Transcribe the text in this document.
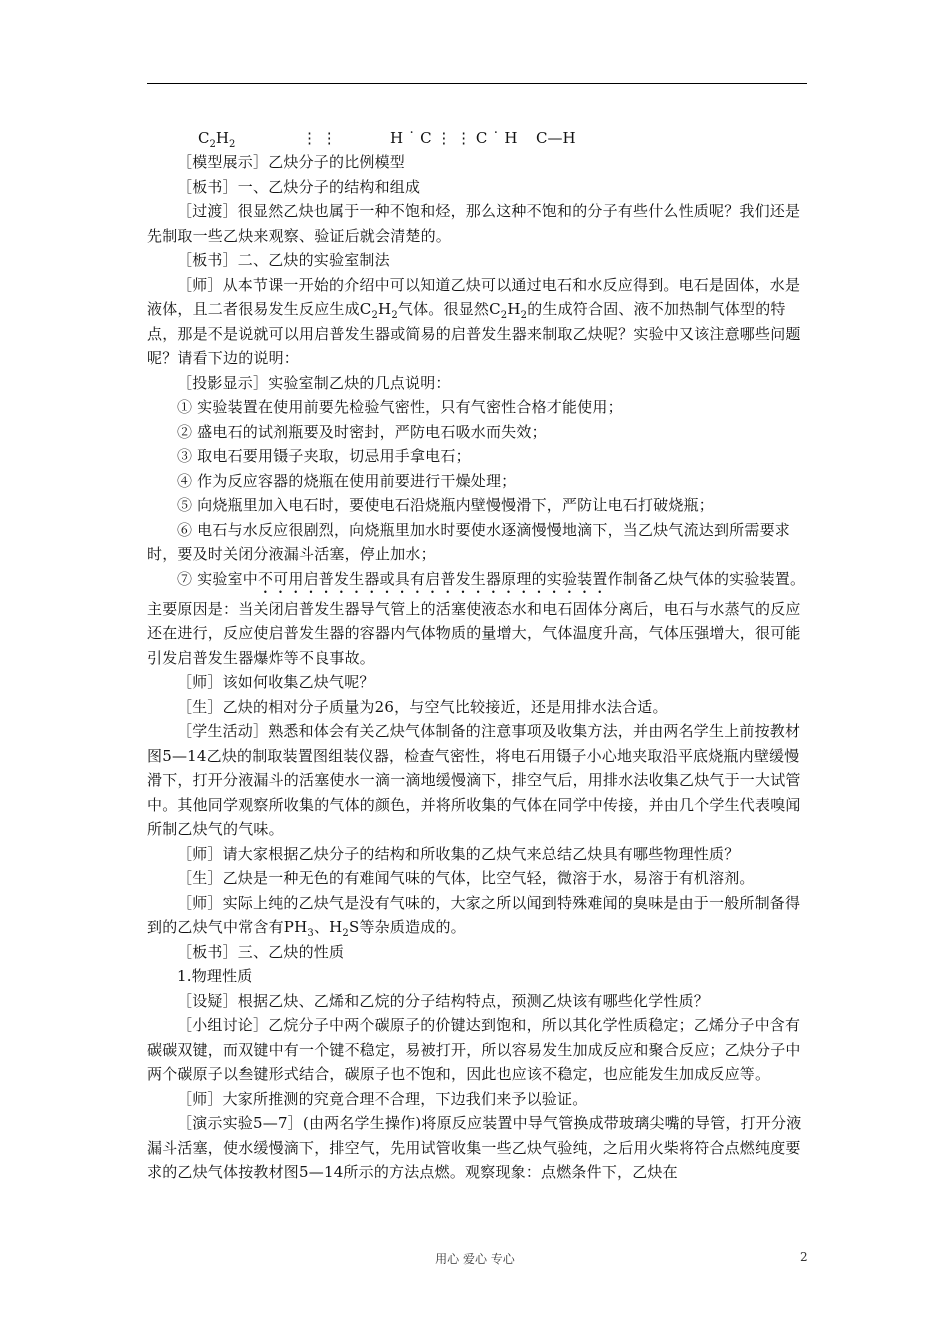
$C_2H_2$	⋮ ⋮	H ˙ C ⋮ ⋮ C ˙ H C—H

［模型展示］乙炔分子的比例模型

［板书］一、乙炔分子的结构和组成

［过渡］很显然乙炔也属于一种不饱和烃，那么这种不饱和的分子有些什么性质呢？我们还是先制取一些乙炔来观察、验证后就会清楚的。

［板书］二、乙炔的实验室制法

［师］从本节课一开始的介绍中可以知道乙炔可以通过电石和水反应得到。电石是固体，水是液体，且二者很易发生反应生成$C_2H_2$气体。很显然$C_2H_2$的生成符合固、液不加热制气体型的特点，那是不是说就可以用启普发生器或简易的启普发生器来制取乙炔呢？实验中又该注意哪些问题呢？请看下边的说明：

［投影显示］实验室制乙炔的几点说明：

① 实验装置在使用前要先检验气密性，只有气密性合格才能使用；

② 盛电石的试剂瓶要及时密封，严防电石吸水而失效；

③ 取电石要用镊子夹取，切忌用手拿电石；

④ 作为反应容器的烧瓶在使用前要进行干燥处理；

⑤ 向烧瓶里加入电石时，要使电石沿烧瓶内壁慢慢滑下，严防让电石打破烧瓶；

⑥ 电石与水反应很剧烈，向烧瓶里加水时要使水逐滴慢慢地滴下，当乙炔气流达到所需要求时，要及时关闭分液漏斗活塞，停止加水；

⑦ 实验室中不可用启普发生器或具有启普发生器原理的实验装置作制备乙炔气体的实验装置。主要原因是：当关闭启普发生器导气管上的活塞使液态水和电石固体分离后，电石与水蒸气的反应还在进行，反应使启普发生器的容器内气体物质的量增大，气体温度升高，气体压强增大，很可能引发启普发生器爆炸等不良事故。

［师］该如何收集乙炔气呢？

［生］乙炔的相对分子质量为26，与空气比较接近，还是用排水法合适。

［学生活动］熟悉和体会有关乙炔气体制备的注意事项及收集方法，并由两名学生上前按教材图5—14乙炔的制取装置图组装仪器，检查气密性，将电石用镊子小心地夹取沿平底烧瓶内壁缓慢滑下，打开分液漏斗的活塞使水一滴一滴地缓慢滴下，排空气后，用排水法收集乙炔气于一大试管中。其他同学观察所收集的气体的颜色，并将所收集的气体在同学中传接，并由几个学生代表嗅闻所制乙炔气的气味。

［师］请大家根据乙炔分子的结构和所收集的乙炔气来总结乙炔具有哪些物理性质？

［生］乙炔是一种无色的有难闻气味的气体，比空气轻，微溶于水，易溶于有机溶剂。

［师］实际上纯的乙炔气是没有气味的，大家之所以闻到特殊难闻的臭味是由于一般所制备得到的乙炔气中常含有$PH_3$、$H_2S$等杂质造成的。

［板书］三、乙炔的性质

1.物理性质

［设疑］根据乙炔、乙烯和乙烷的分子结构特点，预测乙炔该有哪些化学性质？

［小组讨论］乙烷分子中两个碳原子的价键达到饱和，所以其化学性质稳定；乙烯分子中含有碳碳双键，而双键中有一个键不稳定，易被打开，所以容易发生加成反应和聚合反应；乙炔分子中两个碳原子以叁键形式结合，碳原子也不饱和，因此也应该不稳定，也应能发生加成反应等。

［师］大家所推测的究竟合理不合理，下边我们来予以验证。

［演示实验5—7］(由两名学生操作)将原反应装置中导气管换成带玻璃尖嘴的导管，打开分液漏斗活塞，使水缓慢滴下，排空气，先用试管收集一些乙炔气验纯，之后用火柴将符合点燃纯度要求的乙炔气体按教材图5—14所示的方法点燃。观察现象：点燃条件下，乙炔在

用心 爱心 专心	2
